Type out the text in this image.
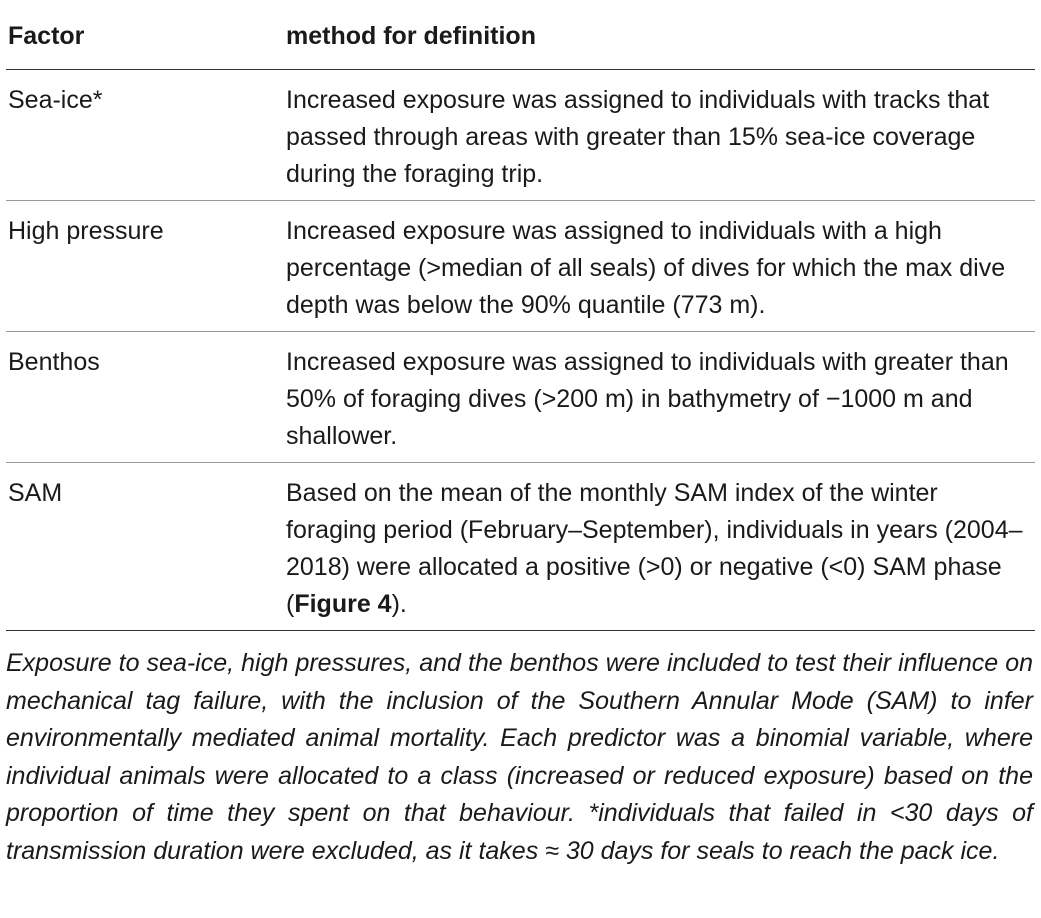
Factor	method for definition
Sea-ice*	Increased exposure was assigned to individuals with tracks that passed through areas with greater than 15% sea-ice coverage during the foraging trip.
High pressure	Increased exposure was assigned to individuals with a high percentage (>median of all seals) of dives for which the max dive depth was below the 90% quantile (773 m).
Benthos	Increased exposure was assigned to individuals with greater than 50% of foraging dives (>200 m) in bathymetry of −1000 m and shallower.
SAM	Based on the mean of the monthly SAM index of the winter foraging period (February–September), individuals in years (2004–2018) were allocated a positive (>0) or negative (<0) SAM phase (Figure 4).

Exposure to sea-ice, high pressures, and the benthos were included to test their influence on mechanical tag failure, with the inclusion of the Southern Annular Mode (SAM) to infer environmentally mediated animal mortality. Each predictor was a binomial variable, where individual animals were allocated to a class (increased or reduced exposure) based on the proportion of time they spent on that behaviour. *individuals that failed in <30 days of transmission duration were excluded, as it takes ≈ 30 days for seals to reach the pack ice.
